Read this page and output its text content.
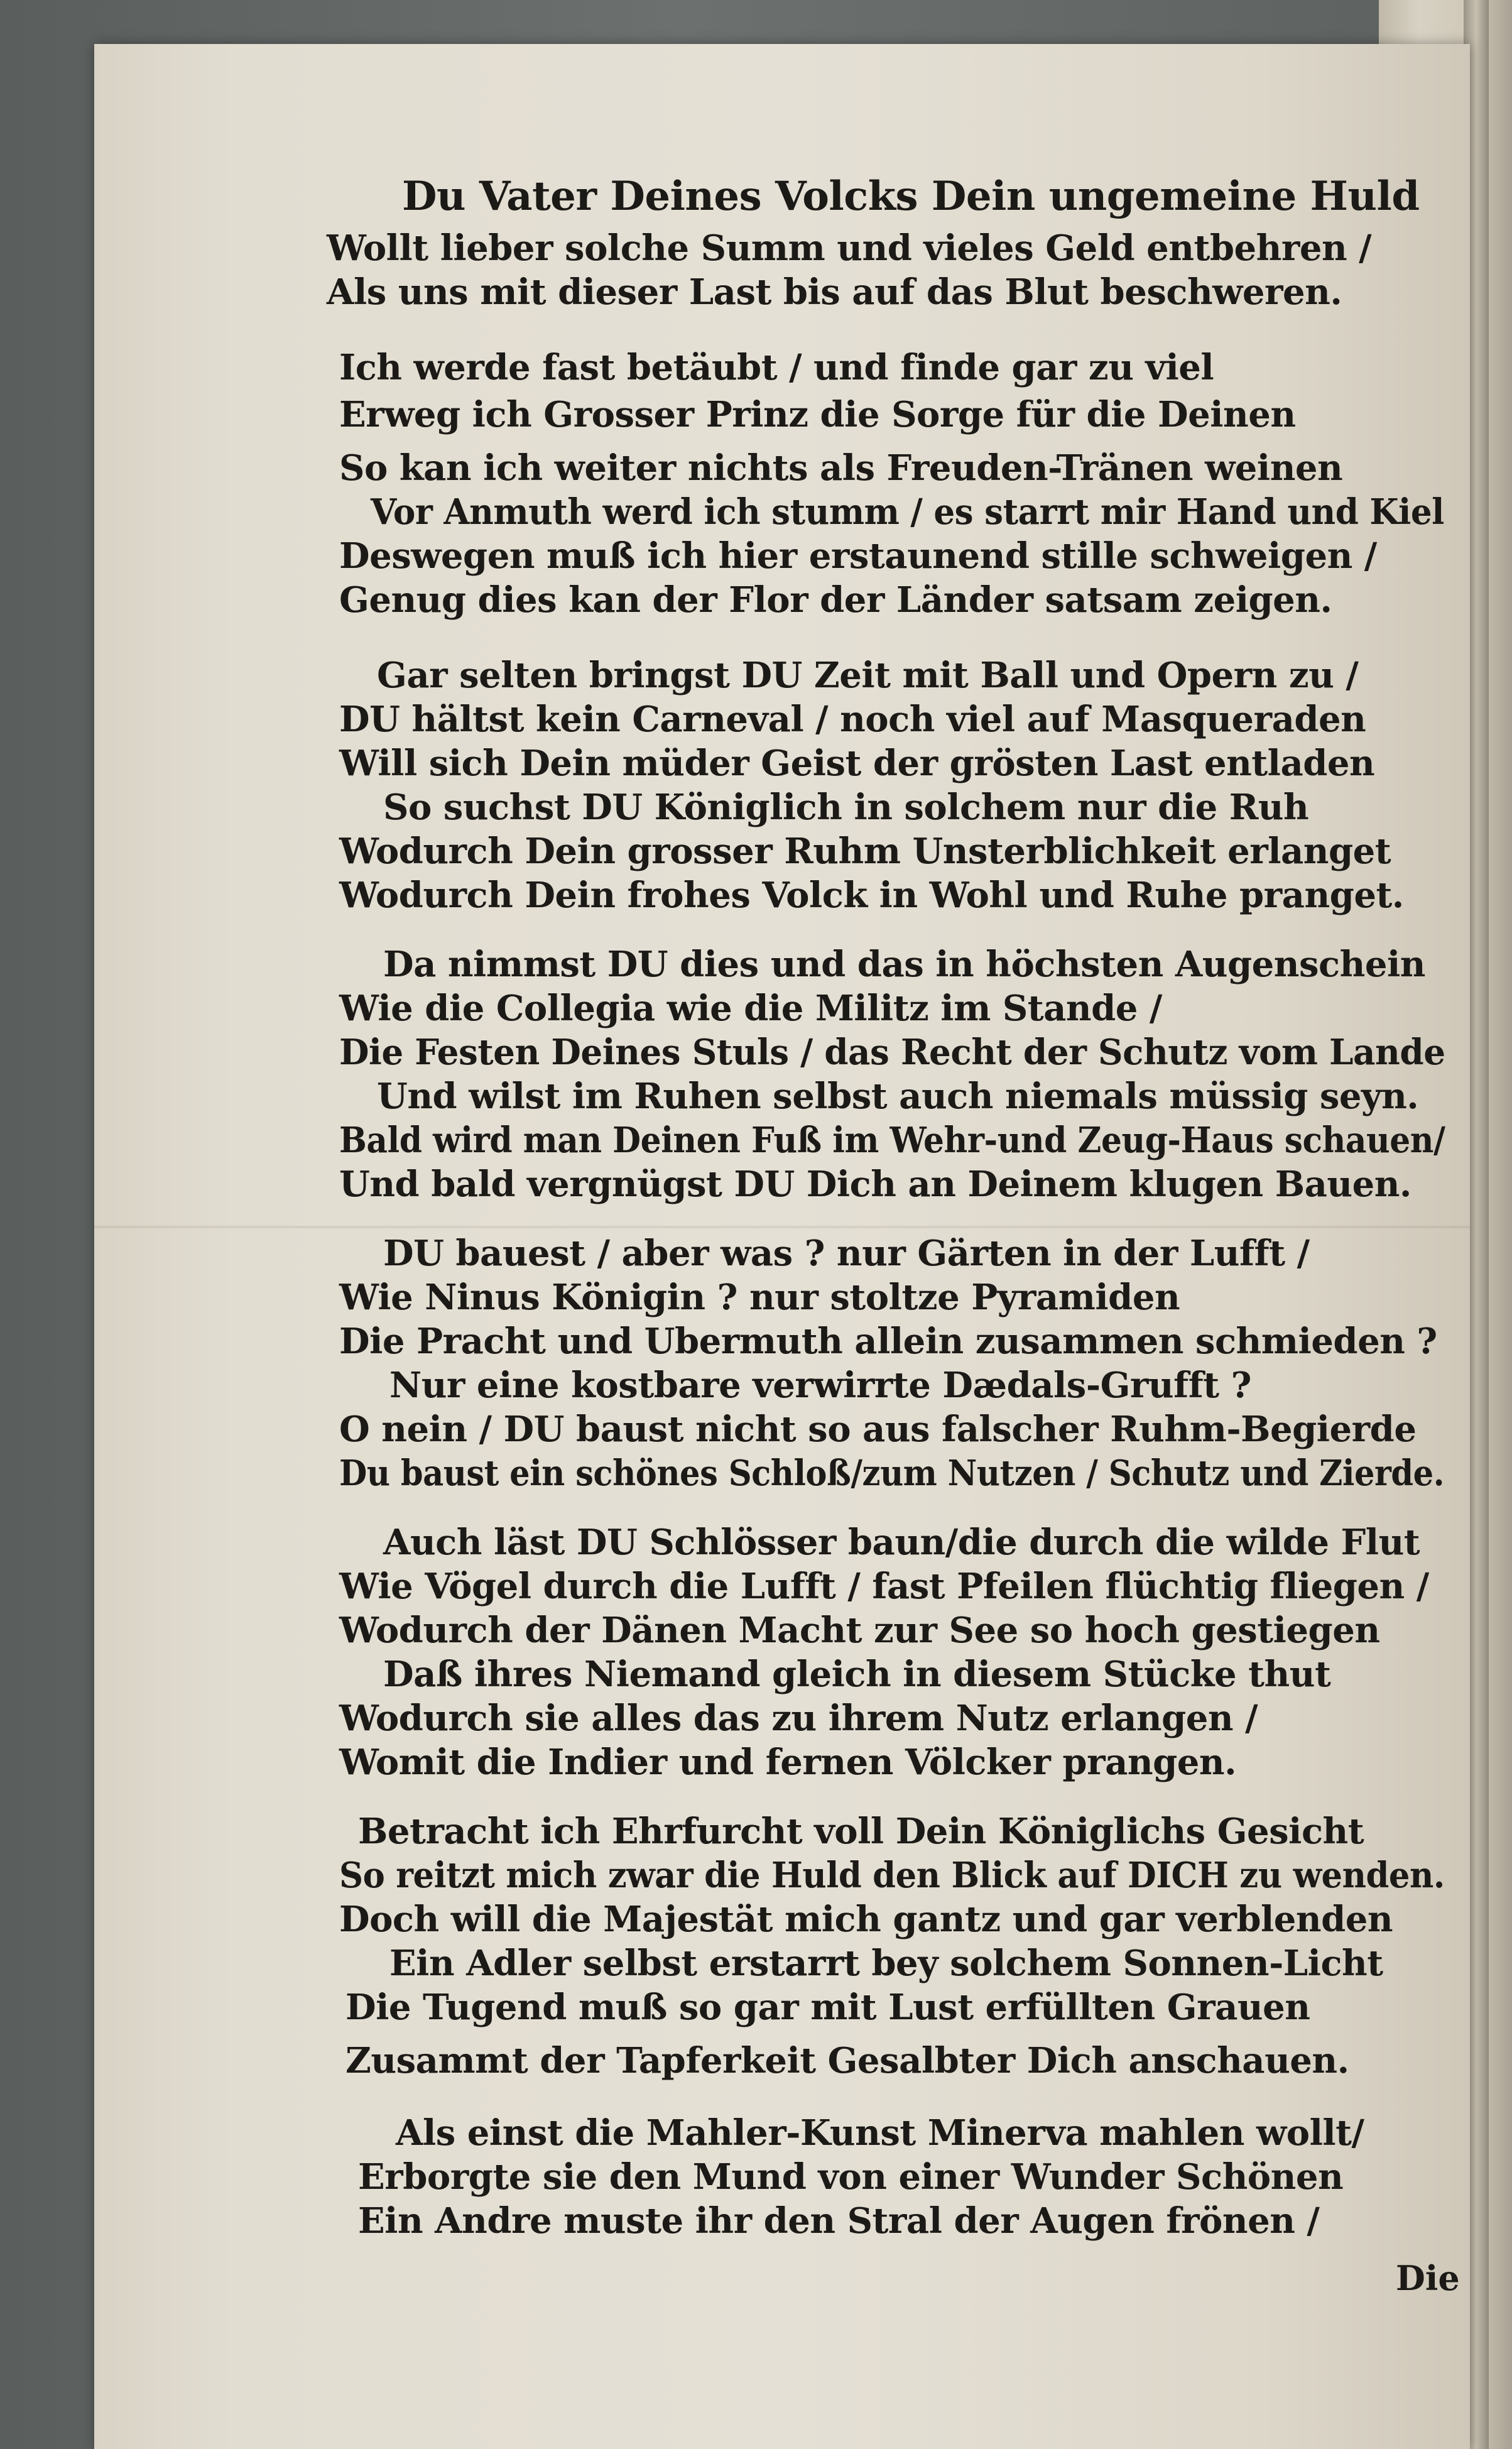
Du Vater Deines Volcks Dein ungemeine Huld
Wollt lieber solche Summ und vieles Geld entbehren /
Als uns mit dieser Last bis auf das Blut beschweren.
Ich werde fast betäubt / und finde gar zu viel
Erweg ich Grosser Prinz die Sorge für die Deinen
So kan ich weiter nichts als Freuden-Tränen weinen
Vor Anmuth werd ich stumm / es starrt mir Hand und Kiel
Deswegen muß ich hier erstaunend stille schweigen /
Genug dies kan der Flor der Länder satsam zeigen.
Gar selten bringst DU Zeit mit Ball und Opern zu /
DU hältst kein Carneval / noch viel auf Masqueraden
Will sich Dein müder Geist der grösten Last entladen
So suchst DU Königlich in solchem nur die Ruh
Wodurch Dein grosser Ruhm Unsterblichkeit erlanget
Wodurch Dein frohes Volck in Wohl und Ruhe pranget.
Da nimmst DU dies und das in höchsten Augenschein
Wie die Collegia wie die Militz im Stande /
Die Festen Deines Stuls / das Recht der Schutz vom Lande
Und wilst im Ruhen selbst auch niemals müssig seyn.
Bald wird man Deinen Fuß im Wehr-und Zeug-Haus schauen/
Und bald vergnügst DU Dich an Deinem klugen Bauen.
DU bauest / aber was ? nur Gärten in der Lufft /
Wie Ninus Königin ? nur stoltze Pyramiden
Die Pracht und Ubermuth allein zusammen schmieden ?
Nur eine kostbare verwirrte Dædals-Grufft ?
O nein / DU baust nicht so aus falscher Ruhm-Begierde
Du baust ein schönes Schloß/zum Nutzen / Schutz und Zierde.
Auch läst DU Schlösser baun/die durch die wilde Flut
Wie Vögel durch die Lufft / fast Pfeilen flüchtig fliegen /
Wodurch der Dänen Macht zur See so hoch gestiegen
Daß ihres Niemand gleich in diesem Stücke thut
Wodurch sie alles das zu ihrem Nutz erlangen /
Womit die Indier und fernen Völcker prangen.
Betracht ich Ehrfurcht voll Dein Königlichs Gesicht
So reitzt mich zwar die Huld den Blick auf DICH zu wenden.
Doch will die Majestät mich gantz und gar verblenden
Ein Adler selbst erstarrt bey solchem Sonnen-Licht
Die Tugend muß so gar mit Lust erfüllten Grauen
Zusammt der Tapferkeit Gesalbter Dich anschauen.
Als einst die Mahler-Kunst Minerva mahlen wollt/
Erborgte sie den Mund von einer Wunder Schönen
Ein Andre muste ihr den Stral der Augen frönen /
Die
